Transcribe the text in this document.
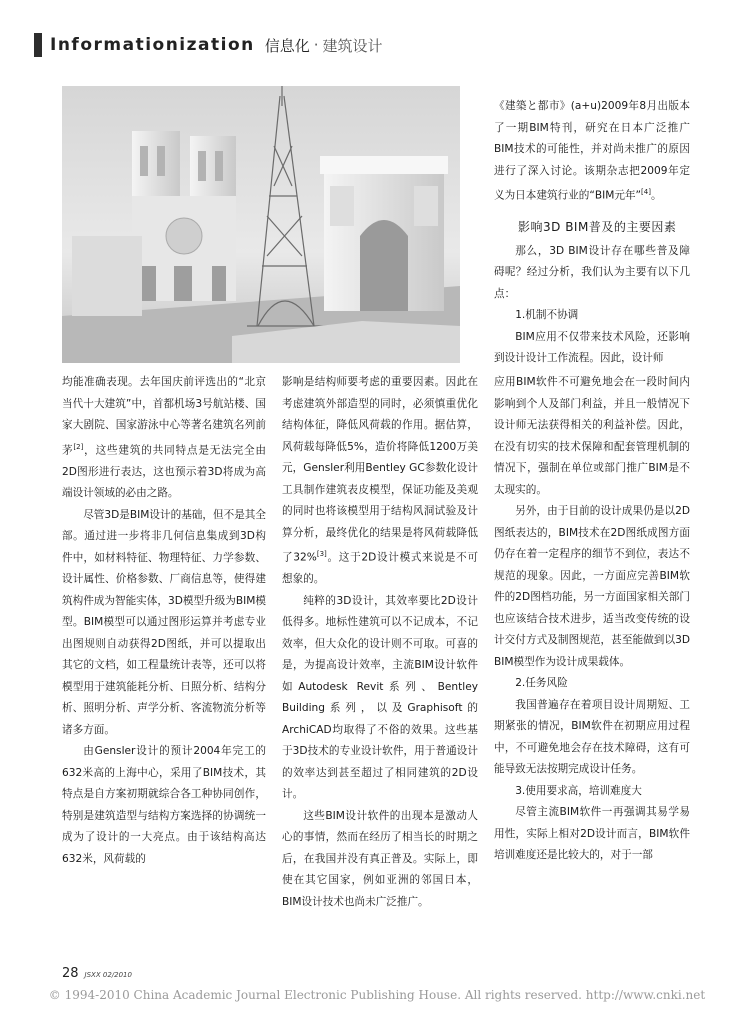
Informationization 信息化 · 建筑设计

均能准确表现。去年国庆前评选出的“北京当代十大建筑”中，首都机场3号航站楼、国家大剧院、国家游泳中心等著名建筑名列前茅[2]，这些建筑的共同特点是无法完全由2D图形进行表达，这也预示着3D将成为高端设计领域的必由之路。

尽管3D是BIM设计的基础，但不是其全部。通过进一步将非几何信息集成到3D构件中，如材料特征、物理特征、力学参数、设计属性、价格参数、厂商信息等，使得建筑构件成为智能实体，3D模型升级为BIM模型。BIM模型可以通过图形运算并考虑专业出图规则自动获得2D图纸，并可以提取出其它的文档，如工程量统计表等，还可以将模型用于建筑能耗分析、日照分析、结构分析、照明分析、声学分析、客流物流分析等诸多方面。

由Gensler设计的预计2004年完工的632米高的上海中心，采用了BIM技术，其特点是自方案初期就综合各工种协同创作，特别是建筑造型与结构方案选择的协调统一成为了设计的一大亮点。由于该结构高达632米，风荷载的

影响是结构师要考虑的重要因素。因此在考虑建筑外部造型的同时，必须慎重优化结构体征，降低风荷载的作用。据估算，风荷载每降低5%，造价将降低1200万美元，Gensler利用Bentley GC参数化设计工具制作建筑表皮模型，保证功能及美观的同时也将该模型用于结构风洞试验及计算分析，最终优化的结果是将风荷载降低了32%[3]。这于2D设计模式来说是不可想象的。

纯粹的3D设计，其效率要比2D设计低得多。地标性建筑可以不记成本，不记效率，但大众化的设计则不可取。可喜的是，为提高设计效率，主流BIM设计软件如Autodesk Revit系列、Bentley Building系列，以及Graphisoft的ArchiCAD均取得了不俗的效果。这些基于3D技术的专业设计软件，用于普通设计的效率达到甚至超过了相同建筑的2D设计。

这些BIM设计软件的出现本是激动人心的事情，然而在经历了相当长的时期之后，在我国并没有真正普及。实际上，即使在其它国家，例如亚洲的邻国日本，BIM设计技术也尚未广泛推广。

《建築と都市》(a+u)2009年8月出版本了一期BIM特刊，研究在日本广泛推广BIM技术的可能性，并对尚未推广的原因进行了深入讨论。该期杂志把2009年定义为日本建筑行业的“BIM元年”[4]。

影响3D BIM普及的主要因素

那么，3D BIM设计存在哪些普及障碍呢？经过分析，我们认为主要有以下几点：

1.机制不协调

BIM应用不仅带来技术风险，还影响到设计设计工作流程。因此，设计师

应用BIM软件不可避免地会在一段时间内影响到个人及部门利益，并且一般情况下设计师无法获得相关的利益补偿。因此，在没有切实的技术保障和配套管理机制的情况下，强制在单位或部门推广BIM是不太现实的。

另外，由于目前的设计成果仍是以2D图纸表达的，BIM技术在2D图纸成图方面仍存在着一定程序的细节不到位，表达不规范的现象。因此，一方面应完善BIM软件的2D图档功能，另一方面国家相关部门也应该结合技术进步，适当改变传统的设计交付方式及制图规范，甚至能做到以3D BIM模型作为设计成果载体。

2.任务风险

我国普遍存在着项目设计周期短、工期紧张的情况，BIM软件在初期应用过程中，不可避免地会存在技术障碍，这有可能导致无法按期完成设计任务。

3.使用要求高，培训难度大

尽管主流BIM软件一再强调其易学易用性，实际上相对2D设计而言，BIM软件培训难度还是比较大的，对于一部

28 JSXX 02/2010
© 1994-2010 China Academic Journal Electronic Publishing House. All rights reserved. http://www.cnki.net
